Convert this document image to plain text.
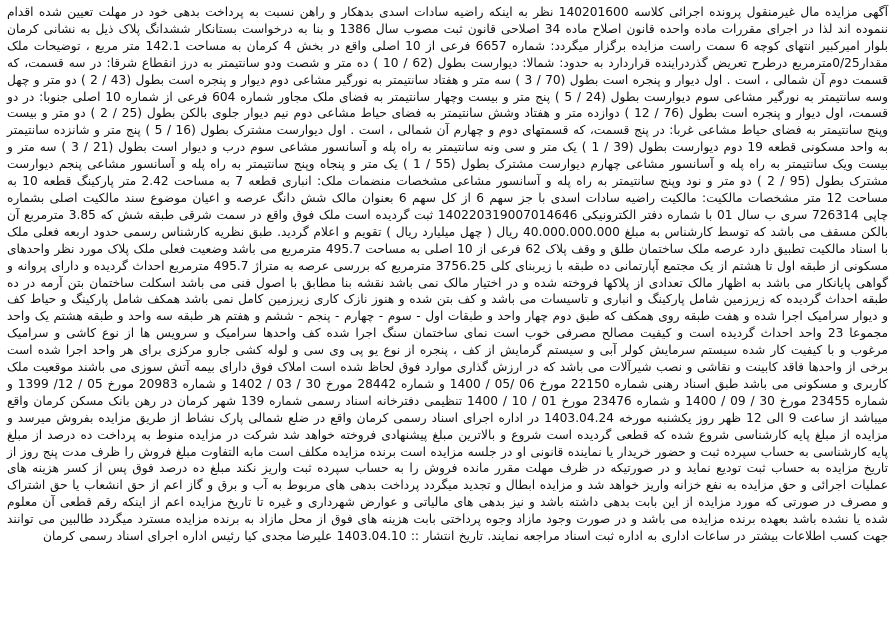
آگهی مزایده مال غیرمنقول پرونده اجرائی کلاسه 140201600 نظر به اینکه راضیه سادات اسدی بدهکار و راهن نسبت به پرداخت بدهی خود در مهلت تعیین شده اقدام ننموده اند لذا در اجرای مقررات ماده واحده قانون اصلاح ماده 34 اصلاحی قانون ثبت مصوب سال 1386 و بنا به درخواست بستانکار ششدانگ پلاک ذیل به نشانی کرمان بلوار امیرکبیر انتهای کوچه 6 سمت راست مزایده برگزار میگردد: شماره 6657 فرعی از 10 اصلی واقع در بخش 4 کرمان به مساحت 142.1 متر مربع ، توضیحات ملک مقدار0/25مترمربع درطرح تعریض گذردراینده قراردارد به حدود: شمالا: دیوارست بطول (62 / 10 ) ده متر و شصت ودو سانتیمتر به درز انقطاع شرقا: در سه قسمت، که قسمت دوم آن شمالی ، است . اول دیوار و پنجره است بطول (70 / 3 ) سه متر و هفتاد سانتیمتر به نورگیر مشاعی دوم دیوار و پنجره است بطول (43 / 2 ) دو متر و چهل وسه سانتیمتر به نورگیر مشاعی سوم دیوارست بطول (24 / 5 ) پنج متر و بیست وچهار سانتیمتر به فضای ملک مجاور شماره 604 فرعی از شماره 10 اصلی جنوبا: در دو قسمت، اول دیوار و پنجره است بطول (76 / 12 ) دوازده متر و هفتاد وشش سانتیمتر به فضای حیاط مشاعی دوم نیم دیوار جلوی بالکن بطول (25 / 2 ) دو متر و بیست وپنج سانتیمتر به فضای حیاط مشاعی غربا: در پنج قسمت، که قسمتهای دوم و چهارم آن شمالی ، است . اول دیوارست مشترک بطول (16 / 5 ) پنج متر و شانزده سانتیمتر به واحد مسکونی قطعه 19 دوم دیوارست بطول (39 / 1 ) یک متر و سی ونه سانتیمتر به راه پله و آسانسور مشاعی سوم درب و دیوار است بطول (21 / 3 ) سه متر و بیست ویک سانتیمتر به راه پله و آسانسور مشاعی چهارم دیوارست مشترک بطول (55 / 1 ) یک متر و پنجاه وپنج سانتیمتر به راه پله و آسانسور مشاعی پنجم دیوارست مشترک بطول (95 / 2 ) دو متر و نود وپنج سانتیمتر به راه پله و آسانسور مشاعی مشخصات منضمات ملک: انباری قطعه 7 به مساحت 2.42 متر پارکینگ قطعه 10 به مساحت 12 متر مشخصات مالکیت: مالکیت راضیه سادات اسدی با جز سهم 6 از کل سهم 6 بعنوان مالک شش دانگ عرصه و اعیان موضوع سند مالکیت اصلی بشماره چاپی 726314 سری ب سال 01 با شماره دفتر الکترونیکی 140220319007014646 ثبت گردیده است ملک فوق واقع در سمت شرقی طبقه شش که 3.85 مترمربع آن بالکن مسقف می باشد که توسط کارشناس به مبلغ 40.000.000.000 ریال ( چهل میلیارد ریال ) تقویم و اعلام گردید. طبق نظریه کارشناس رسمی حدود اربعه فعلی ملک با اسناد مالکیت تطبیق دارد عرصه ملک ساختمان طلق و وقف پلاک 62 فرعی از 10 اصلی به مساحت 495.7 مترمربع می باشد وضعیت فعلی ملک پلاک مورد نظر واحدهای مسکونی از طبقه اول تا هشتم از یک مجتمع آپارتمانی ده طبقه با زیربنای کلی 3756.25 مترمربع که بررسی عرصه به متراژ 495.7 مترمربع احداث گردیده و دارای پروانه و گواهی پایانکار می باشد به اظهار مالک تعدادی از پلاکها فروخته شده و در اختیار مالک نمی باشد نقشه بنا مطابق با اصول فنی می باشد اسکلت ساختمان بتن آرمه در ده طبقه احداث گردیده که زیرزمین شامل پارکینگ و انباری و تاسیسات می باشد و کف بتن شده و هنوز نازک کاری زیرزمین کامل نمی باشد همکف شامل پارکینگ و حیاط کف و دیوار سرامیک اجرا شده و هفت طبقه روی همکف که طبق دوم چهار واحد و طبقات اول - سوم - چهارم - پنجم - ششم و هفتم هر طبقه سه واحد و طبقه هشتم یک واحد مجموعا 23 واحد احداث گردیده است و کیفیت مصالح مصرفی خوب است نمای ساختمان سنگ اجرا شده کف واحدها سرامیک و سرویس ها از نوع کاشی و سرامیک مرغوب و با کیفیت کار شده سیستم سرمایش کولر آبی و سیستم گرمایش از کف ، پنجره از نوع یو پی وی سی و لوله کشی جارو مرکزی برای هر واحد اجرا شده است برخی از واحدها فاقد کابینت و نقاشی و نصب شیرآلات می باشد که در ارزش گذاری موارد فوق لحاظ شده است املاک فوق دارای بیمه آتش سوزی می باشند موقعیت ملک کاربری و مسکونی می باشد طبق اسناد رهنی شماره 22150 مورخ 06 /05 / 1400 و شماره 28442 مورخ 30 / 03 / 1402 و شماره 20983 مورخ 05 / 12/ 1399 و شماره 23455 مورخ 30 / 09 / 1400 و شماره 23476 مورخ 01 / 10 / 1400 تنظیمی دفترخانه اسناد رسمی شماره 139 شهر کرمان در رهن بانک مسکن کرمان واقع میباشد از ساعت 9 الی 12 ظهر روز یکشنبه مورخه 1403.04.24 در اداره اجرای اسناد رسمی کرمان واقع در ضلع شمالی پارک نشاط از طریق مزایده بفروش میرسد و مزایده از مبلغ پایه کارشناسی شروع شده که قطعی گردیده است شروع و بالاترین مبلغ پیشنهادی فروخته خواهد شد شرکت در مزایده منوط به پرداخت ده درصد از مبلغ پایه کارشناسی به حساب سپرده ثبت و حضور خریدار یا نماینده قانونی او در جلسه مزایده است برنده مزایده مکلف است مابه التفاوت مبلغ فروش را ظرف مدت پنج روز از تاریخ مزایده به حساب ثبت تودیع نماید و در صورتیکه در ظرف مهلت مقرر مانده فروش را به حساب سپرده ثبت واریز نکند مبلغ ده درصد فوق پس از کسر هزینه های عملیات اجرائی و حق مزایده به نفع خزانه واریز خواهد شد و مزایده ابطال و تجدید میگردد پرداخت بدهی های مربوط به آب و برق و گاز اعم از حق انشعاب یا حق اشتراک و مصرف در صورتی که مورد مزایده از این بابت بدهی داشته باشد و نیز بدهی های مالیاتی و عوارض شهرداری و غیره تا تاریخ مزایده اعم از اینکه رقم قطعی آن معلوم شده یا نشده باشد بعهده برنده مزایده می باشد و در صورت وجود مازاد وجوه پرداختی بابت هزینه های فوق از محل مازاد به برنده مزایده مسترد میگردد طالبین می توانند جهت کسب اطلاعات بیشتر در ساعات اداری به اداره ثبت اسناد مراجعه نمایند. تاریخ انتشار :: 1403.04.10 علیرضا مجدی کیا رئیس اداره اجرای اسناد رسمی کرمان
